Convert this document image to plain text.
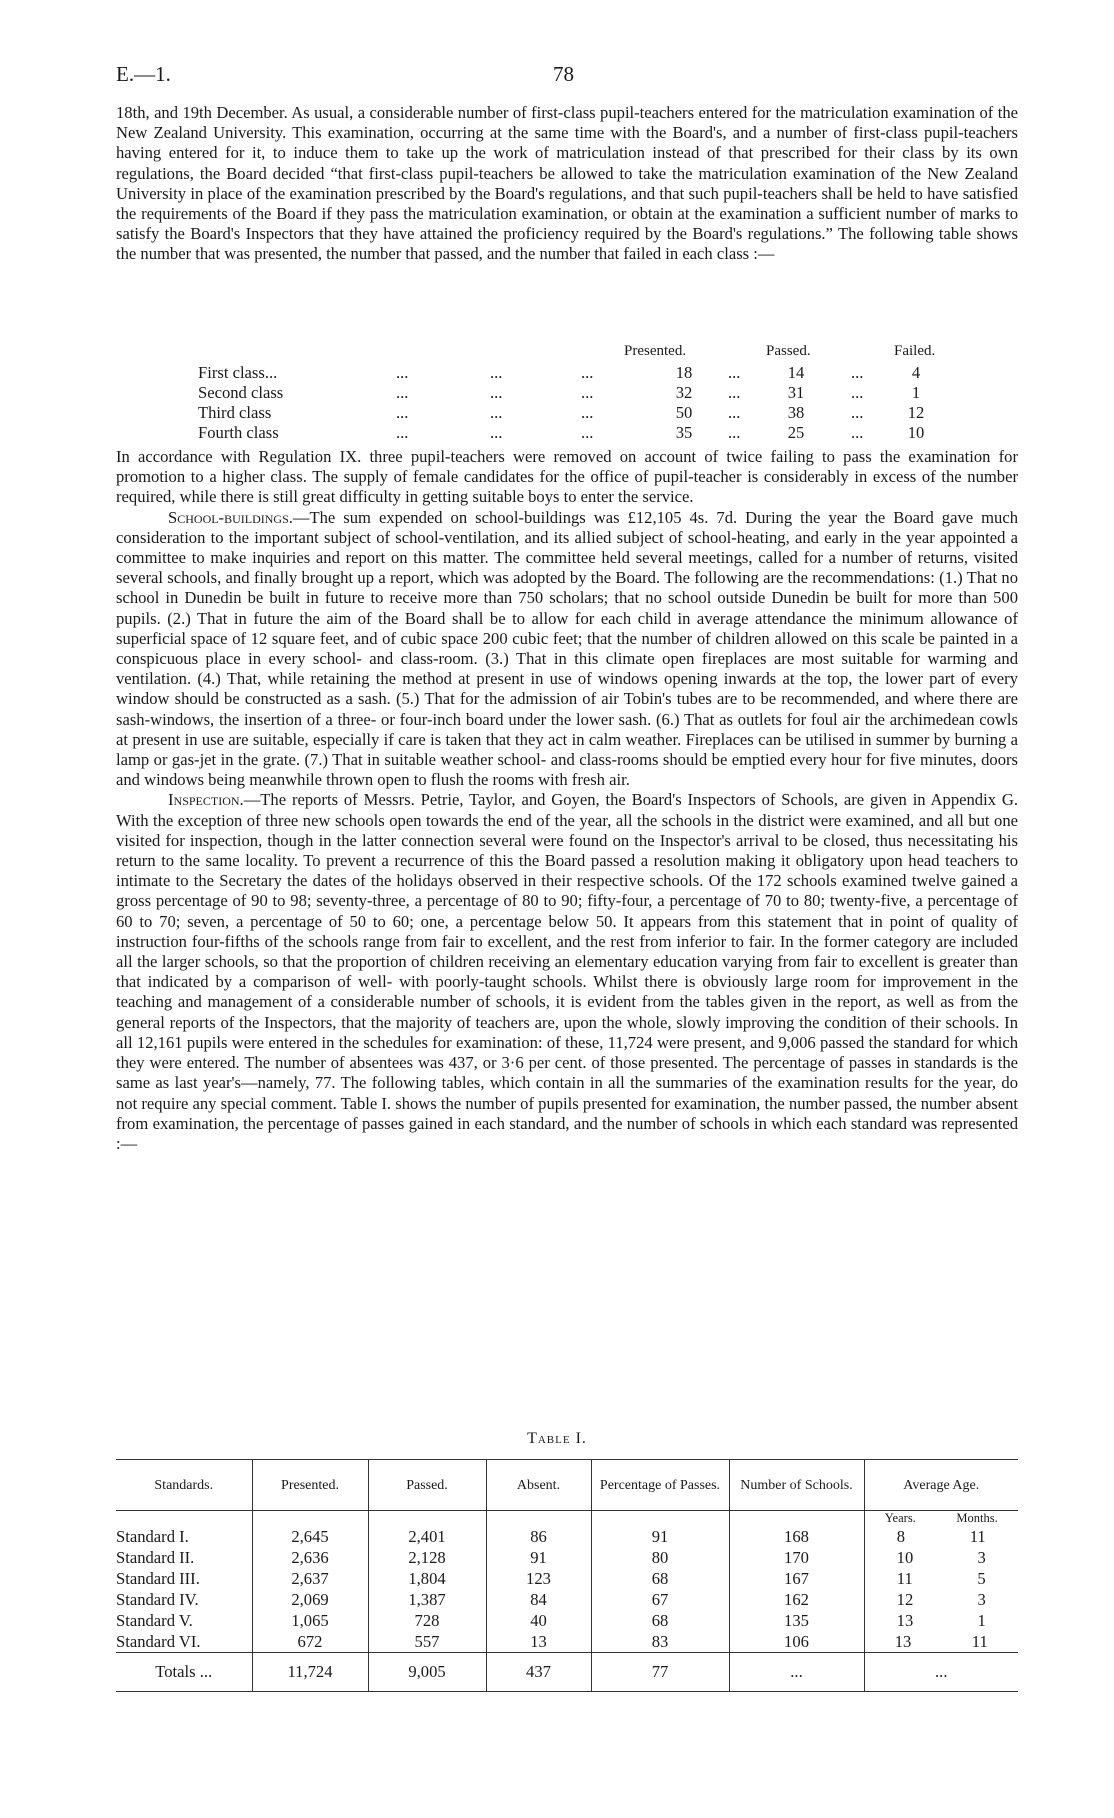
E.—1.	78

18th, and 19th December. As usual, a considerable number of first-class pupil-teachers entered for the matriculation examination of the New Zealand University. This examination, occurring at the same time with the Board's, and a number of first-class pupil-teachers having entered for it, to induce them to take up the work of matriculation instead of that prescribed for their class by its own regulations, the Board decided “that first-class pupil-teachers be allowed to take the matriculation examination of the New Zealand University in place of the examination prescribed by the Board's regulations, and that such pupil-teachers shall be held to have satisfied the requirements of the Board if they pass the matriculation examination, or obtain at the examination a sufficient number of marks to satisfy the Board's Inspectors that they have attained the proficiency required by the Board's regulations.” The following table shows the number that was presented, the number that passed, and the number that failed in each class :—

Presented.	Passed.	Failed.
First class...	...	...	...	18	...	14	...	4
Second class	...	...	...	32	...	31	...	1
Third class	...	...	...	50	...	38	...	12
Fourth class	...	...	...	35	...	25	...	10

In accordance with Regulation IX. three pupil-teachers were removed on account of twice failing to pass the examination for promotion to a higher class. The supply of female candidates for the office of pupil-teacher is considerably in excess of the number required, while there is still great difficulty in getting suitable boys to enter the service.

School-buildings.—The sum expended on school-buildings was £12,105 4s. 7d. During the year the Board gave much consideration to the important subject of school-ventilation, and its allied subject of school-heating, and early in the year appointed a committee to make inquiries and report on this matter. The committee held several meetings, called for a number of returns, visited several schools, and finally brought up a report, which was adopted by the Board. The following are the recommendations: (1.) That no school in Dunedin be built in future to receive more than 750 scholars; that no school outside Dunedin be built for more than 500 pupils. (2.) That in future the aim of the Board shall be to allow for each child in average attendance the minimum allowance of superficial space of 12 square feet, and of cubic space 200 cubic feet; that the number of children allowed on this scale be painted in a conspicuous place in every school- and class-room. (3.) That in this climate open fireplaces are most suitable for warming and ventilation. (4.) That, while retaining the method at present in use of windows opening inwards at the top, the lower part of every window should be constructed as a sash. (5.) That for the admission of air Tobin's tubes are to be recommended, and where there are sash-windows, the insertion of a three- or four-inch board under the lower sash. (6.) That as outlets for foul air the archimedean cowls at present in use are suitable, especially if care is taken that they act in calm weather. Fireplaces can be utilised in summer by burning a lamp or gas-jet in the grate. (7.) That in suitable weather school- and class-rooms should be emptied every hour for five minutes, doors and windows being meanwhile thrown open to flush the rooms with fresh air.

Inspection.—The reports of Messrs. Petrie, Taylor, and Goyen, the Board's Inspectors of Schools, are given in Appendix G. With the exception of three new schools open towards the end of the year, all the schools in the district were examined, and all but one visited for inspection, though in the latter connection several were found on the Inspector's arrival to be closed, thus necessitating his return to the same locality. To prevent a recurrence of this the Board passed a resolution making it obligatory upon head teachers to intimate to the Secretary the dates of the holidays observed in their respective schools. Of the 172 schools examined twelve gained a gross percentage of 90 to 98; seventy-three, a percentage of 80 to 90; fifty-four, a percentage of 70 to 80; twenty-five, a percentage of 60 to 70; seven, a percentage of 50 to 60; one, a percentage below 50. It appears from this statement that in point of quality of instruction four-fifths of the schools range from fair to excellent, and the rest from inferior to fair. In the former category are included all the larger schools, so that the proportion of children receiving an elementary education varying from fair to excellent is greater than that indicated by a comparison of well- with poorly-taught schools. Whilst there is obviously large room for improvement in the teaching and management of a considerable number of schools, it is evident from the tables given in the report, as well as from the general reports of the Inspectors, that the majority of teachers are, upon the whole, slowly improving the condition of their schools. In all 12,161 pupils were entered in the schedules for examination: of these, 11,724 were present, and 9,006 passed the standard for which they were entered. The number of absentees was 437, or 3·6 per cent. of those presented. The percentage of passes in standards is the same as last year's—namely, 77. The following tables, which contain in all the summaries of the examination results for the year, do not require any special comment. Table I. shows the number of pupils presented for examination, the number passed, the number absent from examination, the percentage of passes gained in each standard, and the number of schools in which each standard was represented :—

Table I.
Standards.	Presented.	Passed.	Absent.	Percentage of Passes.	Number of Schools.	Average Age.

						Years. Months.

Standard I.	2,645	2,401	86	91	168	8 11

Standard II.	2,636	2,128	91	80	170	10 3

Standard III.	2,637	1,804	123	68	167	11 5

Standard IV.	2,069	1,387	84	67	162	12 3

Standard V.	1,065	728	40	68	135	13 1

Standard VI.	672	557	13	83	106	13 11

Totals ...	11,724	9,005	437	77	...	...
